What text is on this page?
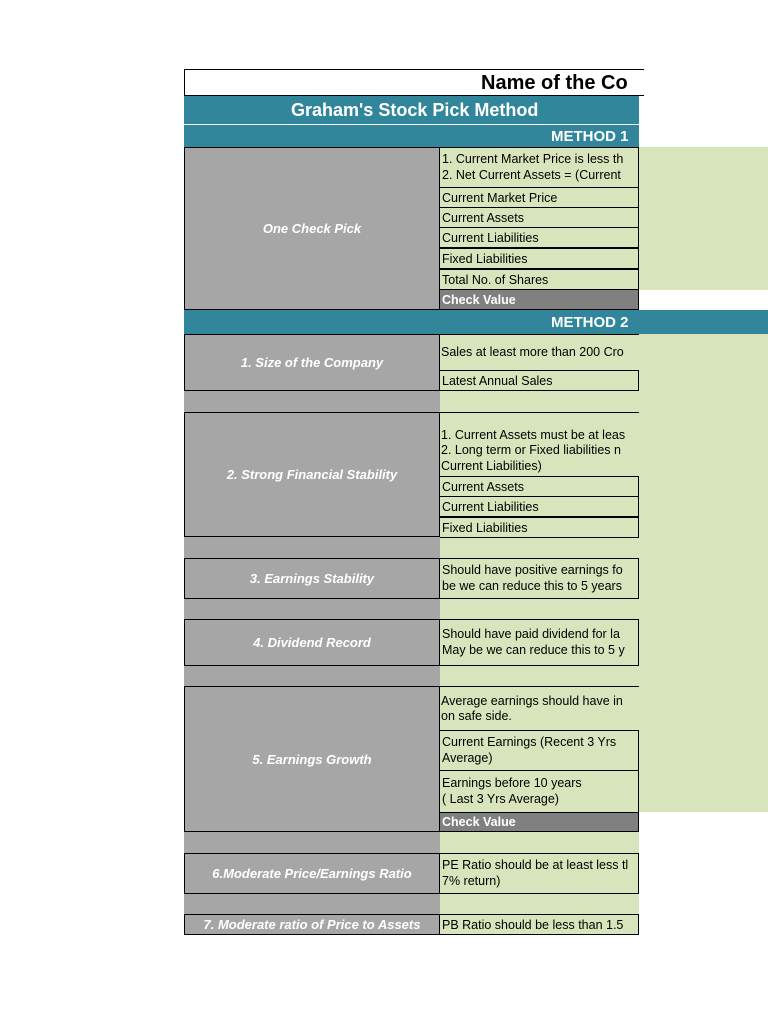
Name of the Co
Graham's Stock Pick Method
METHOD 1
One Check Pick
1. Current Market Price is less th
2. Net Current Assets = (Current
Current Market Price
Current Assets
Current Liabilities
Fixed Liabilities
Total No. of Shares
Check Value
METHOD 2
1. Size of the Company
Sales at least more than 200 Cro
Latest Annual Sales
2. Strong Financial Stability
1. Current Assets must be at leas
2. Long term or Fixed liabilities n
Current Liabilities)
Current Assets
Current Liabilities
Fixed Liabilities
3. Earnings Stability
Should have positive earnings fo
be we can reduce this to 5 years
4. Dividend Record
Should have paid dividend for la
May be we can reduce this to 5 y
5. Earnings Growth
Average earnings should have in
on safe side.
Current Earnings (Recent 3 Yrs
Average)
Earnings before 10 years
( Last 3 Yrs Average)
Check Value
6.Moderate Price/Earnings Ratio
PE Ratio should be at least less tl
7% return)
7. Moderate ratio of Price to Assets PB Ratio should be less than 1.5
